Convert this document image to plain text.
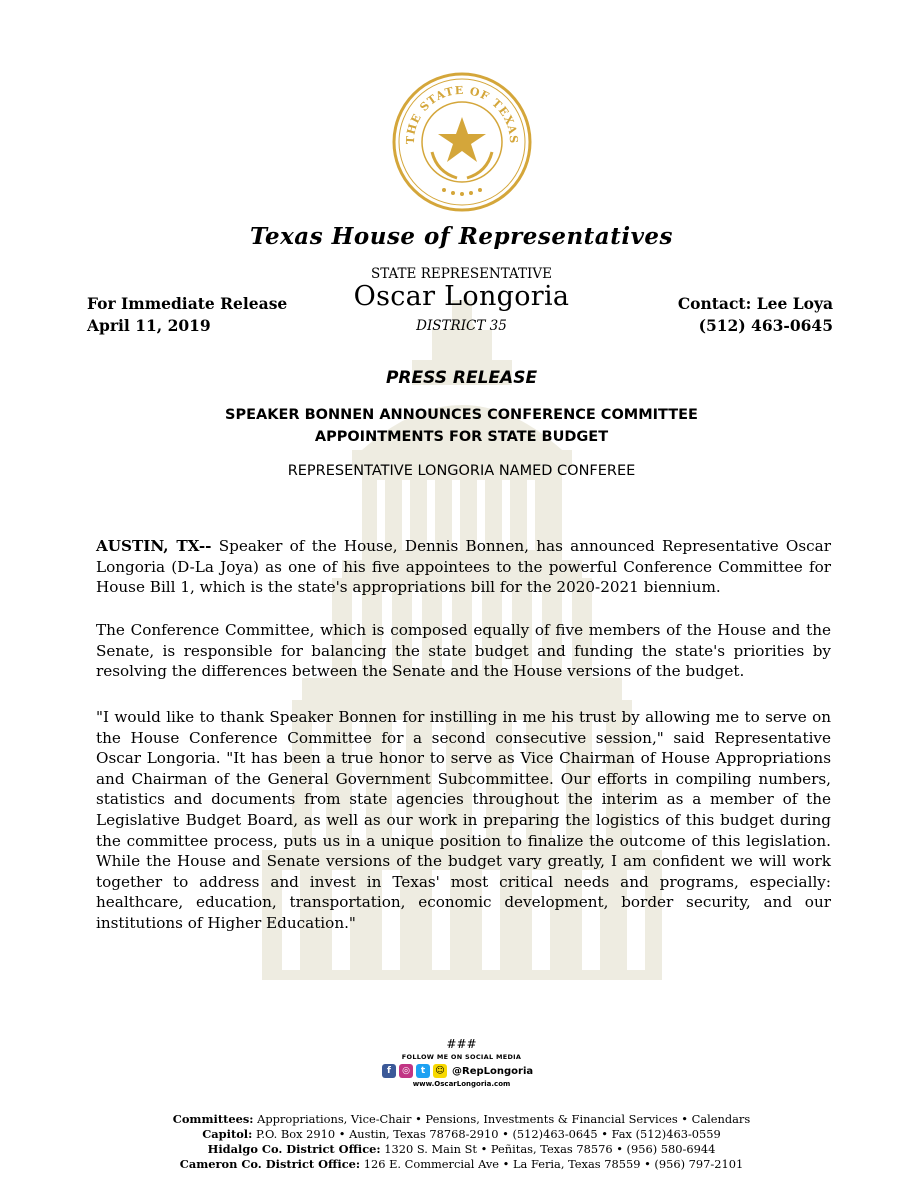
THE STATE OF TEXAS
Texas House of Representatives
STATE REPRESENTATIVE
Oscar Longoria
DISTRICT 35
For Immediate Release
April 11, 2019
Contact: Lee Loya
(512) 463-0645
PRESS RELEASE
SPEAKER BONNEN ANNOUNCES CONFERENCE COMMITTEE
APPOINTMENTS FOR STATE BUDGET
REPRESENTATIVE LONGORIA NAMED CONFEREE
AUSTIN, TX-- Speaker of the House, Dennis Bonnen, has announced Representative Oscar Longoria (D-La Joya) as one of his five appointees to the powerful Conference Committee for House Bill 1, which is the state's appropriations bill for the 2020-2021 biennium.
The Conference Committee, which is composed equally of five members of the House and the Senate, is responsible for balancing the state budget and funding the state's priorities by resolving the differences between the Senate and the House versions of the budget.
"I would like to thank Speaker Bonnen for instilling in me his trust by allowing me to serve on the House Conference Committee for a second consecutive session," said Representative Oscar Longoria. "It has been a true honor to serve as Vice Chairman of House Appropriations and Chairman of the General Government Subcommittee. Our efforts in compiling numbers, statistics and documents from state agencies throughout the interim as a member of the Legislative Budget Board, as well as our work in preparing the logistics of this budget during the committee process, puts us in a unique position to finalize the outcome of this legislation. While the House and Senate versions of the budget vary greatly, I am confident we will work together to address and invest in Texas' most critical needs and programs, especially: healthcare, education, transportation, economic development, border security, and our institutions of Higher Education."
###
FOLLOW ME ON SOCIAL MEDIA
f	◎	t	☺ @RepLongoria
www.OscarLongoria.com
Committees: Appropriations, Vice-Chair • Pensions, Investments & Financial Services • Calendars
Capitol: P.O. Box 2910 • Austin, Texas 78768-2910 • (512)463-0645 • Fax (512)463-0559
Hidalgo Co. District Office: 1320 S. Main St • Peñitas, Texas 78576 • (956) 580-6944
Cameron Co. District Office: 126 E. Commercial Ave • La Feria, Texas 78559 • (956) 797-2101
